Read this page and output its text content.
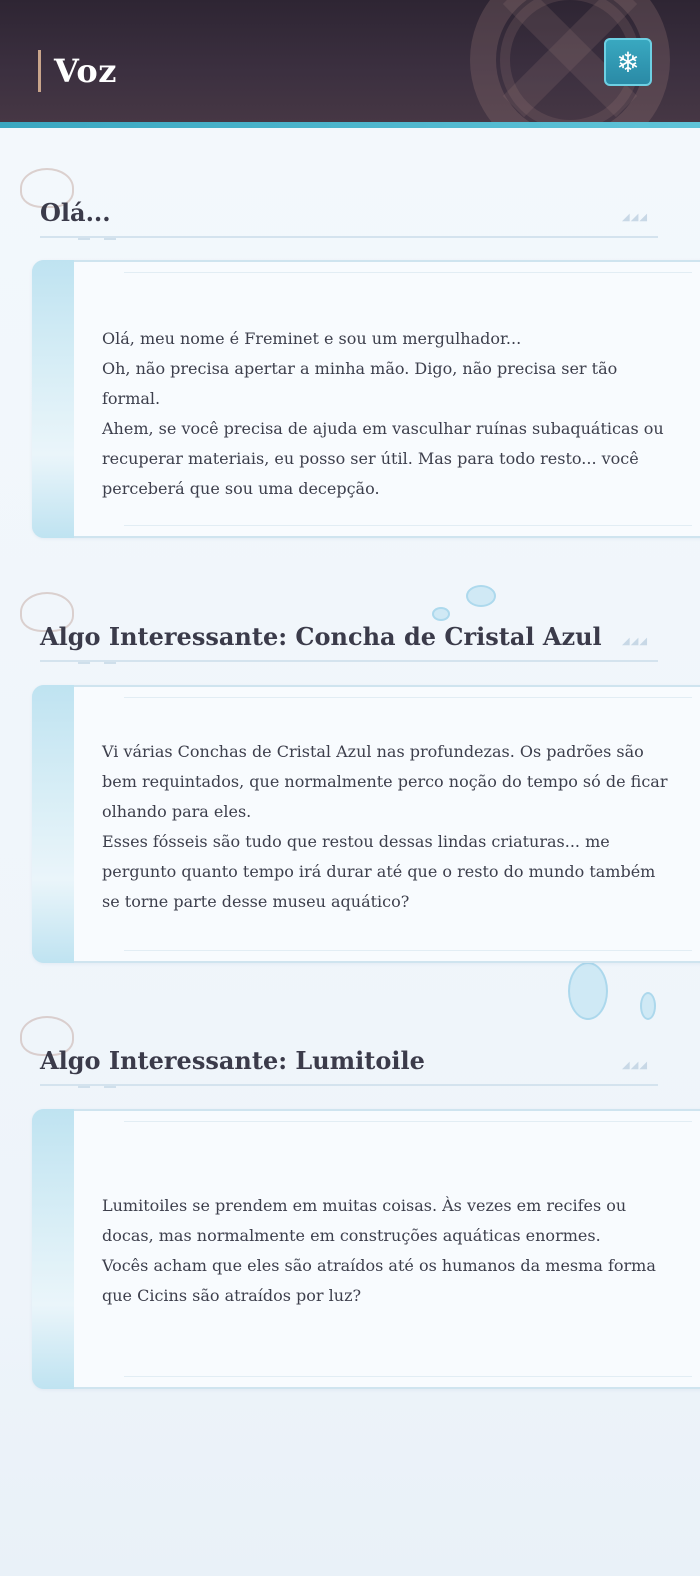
Voz	❄
Olá...	◢◢◢
Olá, meu nome é Freminet e sou um mergulhador...
Oh, não precisa apertar a minha mão. Digo, não precisa ser tão formal.
Ahem, se você precisa de ajuda em vasculhar ruínas subaquáticas ou recuperar materiais, eu posso ser útil. Mas para todo resto... você perceberá que sou uma decepção.
Algo Interessante: Concha de Cristal Azul ◢◢◢
Vi várias Conchas de Cristal Azul nas profundezas. Os padrões são bem requintados, que normalmente perco noção do tempo só de ficar olhando para eles.
Esses fósseis são tudo que restou dessas lindas criaturas... me pergunto quanto tempo irá durar até que o resto do mundo também se torne parte desse museu aquático?
Algo Interessante: Lumitoile	◢◢◢
Lumitoiles se prendem em muitas coisas. Às vezes em recifes ou docas, mas normalmente em construções aquáticas enormes.
Vocês acham que eles são atraídos até os humanos da mesma forma que Cicins são atraídos por luz?
